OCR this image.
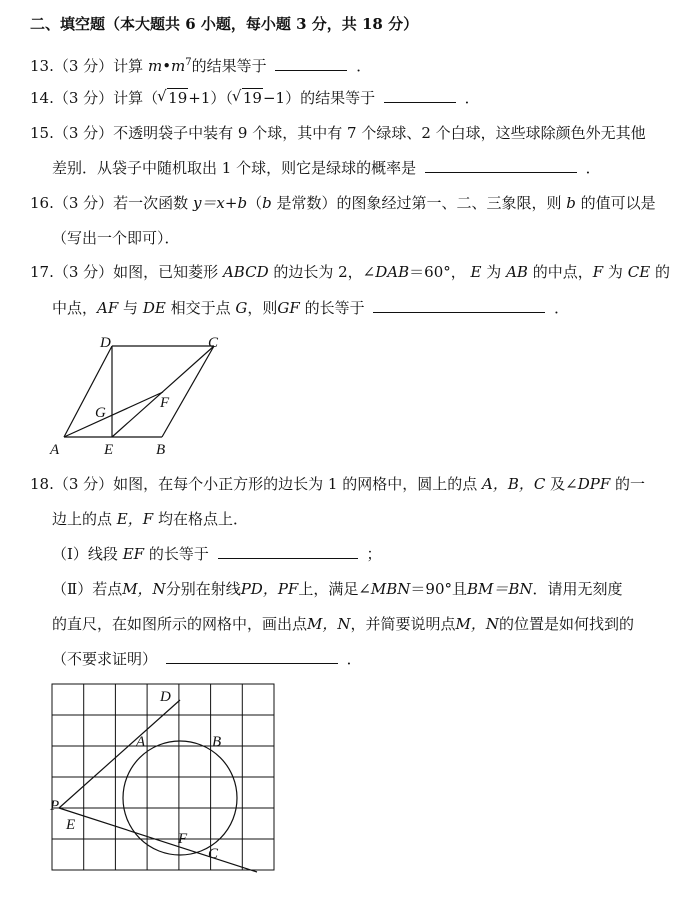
二、填空题（本大题共 6 小题，每小题 3 分，共 18 分）
13.（3 分）计算 $m•m^7$的结果等于	．
14.（3 分）计算（ √ 19+1）（ √ 19−1）的结果等于	．
15.（3 分）不透明袋子中装有 9 个球，其中有 7 个绿球、2 个白球，这些球除颜色外无其他
差别．从袋子中随机取出 1 个球，则它是绿球的概率是	．
16.（3 分）若一次函数 y＝x+b（b 是常数）的图象经过第一、二、三象限，则 b 的值可以是
（写出一个即可）．
17.（3 分）如图，已知菱形 ABCD 的边长为 2，∠DAB＝60°， E 为 AB 的中点，F 为 CE 的
中点，AF 与 DE 相交于点 G，则GF 的长等于	．
D	C
G
F
A	E	B
18.（3 分）如图，在每个小正方形的边长为 1 的网格中，圆上的点 A，B，C 及∠DPF 的一
边上的点 E，F 均在格点上．
（Ⅰ）线段 EF 的长等于	；
（Ⅱ）若点M，N分别在射线PD，PF上，满足∠MBN＝90°且BM＝BN．请用无刻度
的直尺，在如图所示的网格中，画出点M，N，并简要说明点M，N的位置是如何找到的
（不要求证明）	．
D
A	B
P
E
F
C
